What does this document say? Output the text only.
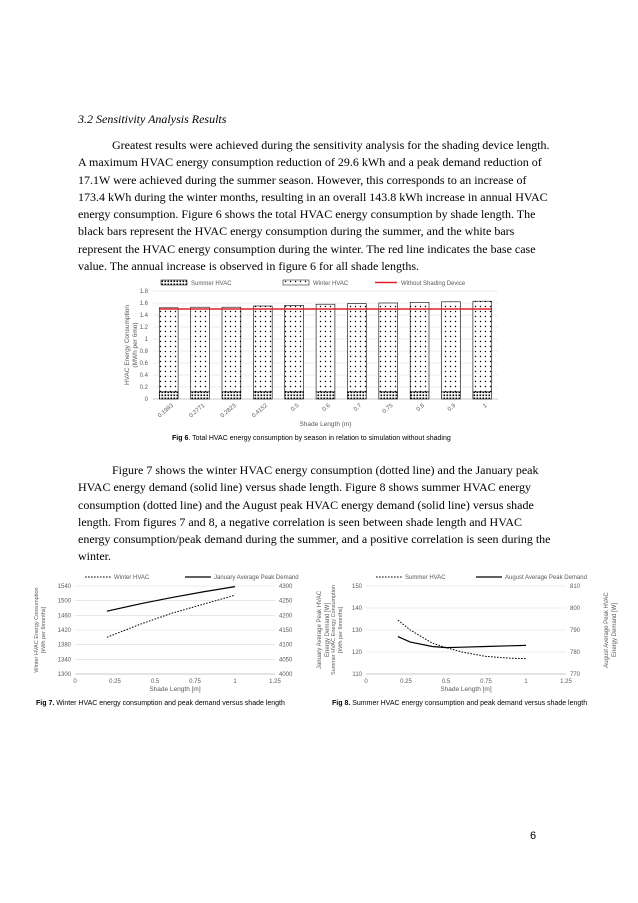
3.2 Sensitivity Analysis Results

Greatest results were achieved during the sensitivity analysis for the shading device length. A maximum HVAC energy consumption reduction of 29.6 kWh and a peak demand reduction of 17.1W were achieved during the summer season. However, this corresponds to an increase of 173.4 kWh during the winter months, resulting in an overall 143.8 kWh increase in annual HVAC energy consumption. Figure 6 shows the total HVAC energy consumption by shade length. The black bars represent the HVAC energy consumption during the summer, and the white bars represent the HVAC energy consumption during the winter. The red line indicates the base case value. The annual increase is observed in figure 6 for all shade lengths.

0
0.2
0.4
0.6
0.8
1
1.2
1.4
1.6
1.8
0.1993 0.2771 0.2823 0.4152	0.5	0.6	0.7	0.75	0.8	0.9	1
Shade Length (m)
HVAC Energy Consumption(MWh per 6mo)
Summer HVAC	Winter HVAC	Without Shading Device
Fig 6. Total HVAC energy consumption by season in relation to simulation without shading

Figure 7 shows the winter HVAC energy consumption (dotted line) and the January peak HVAC energy demand (solid line) versus shade length. Figure 8 shows summer HVAC energy consumption (dotted line) and the August peak HVAC energy demand (solid line) versus shade length. From figures 7 and 8, a negative correlation is seen between shade length and HVAC energy consumption/peak demand during the summer, and a positive correlation is seen during the winter.

1300
1340
1380
1420
1460
1500
1540
4000
4050
4100
4150
4200
4250
4300
0	0.25	0.5	0.75	1	1.25
Winter HVAC	January Average Peak Demand
Shade Length [m]
Winter HVAC Energy Consumption[kWh per 6months]	January Average Peak HVAC Energy Demand [W]
Fig 7. Winter HVAC energy consumption and peak demand versus shade length
110
120
130
140
150
770
780
790
800
810
0	0.25	0.5	0.75	1	1.25
Summer HVAC	August Average Peak Demand
Shade Length [m]
Summer HVAC Energy Consumption[kWh per 6months]	August Average Peak HVAC Energy Demand [W]
Fig 8. Summer HVAC energy consumption and peak demand versus shade length
6
